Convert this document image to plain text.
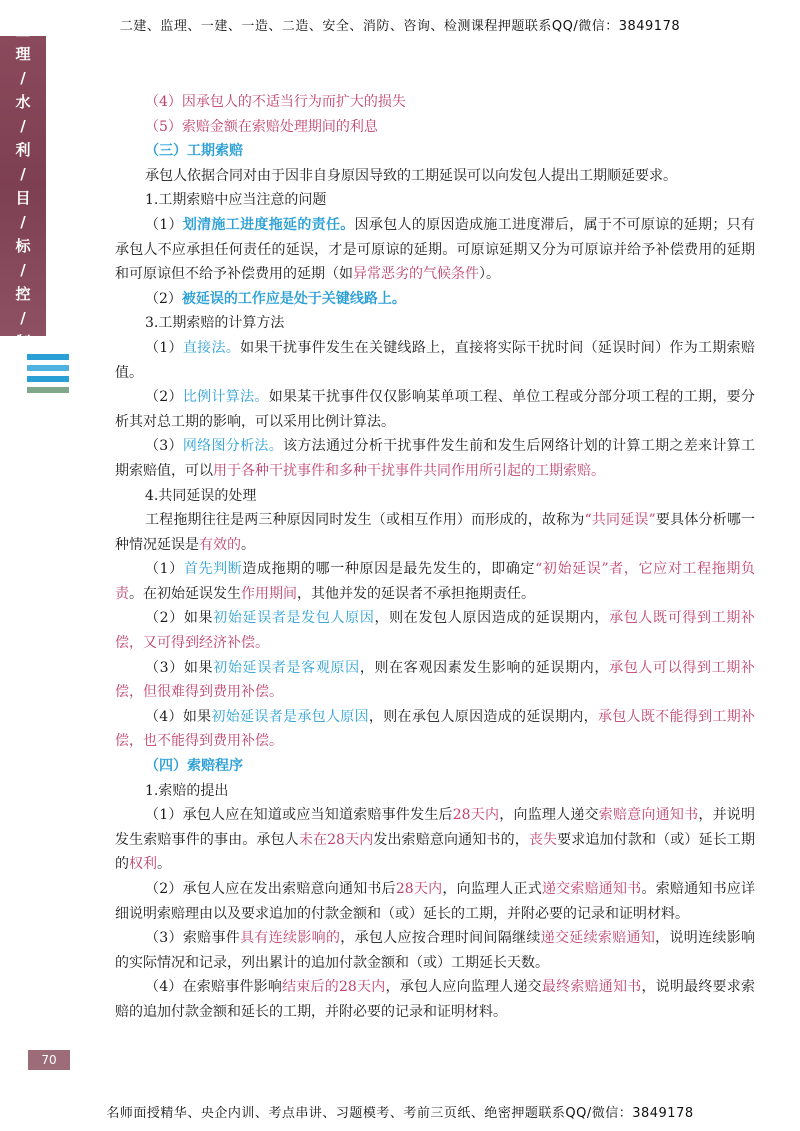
二建、监理、一建、一造、二造、安全、消防、咨询、检测课程押题联系QQ/微信：3849178
监
理
/
水
/
利
/
目
/
标
/
控
/
制
（4）因承包人的不适当行为而扩大的损失
（5）索赔金额在索赔处理期间的利息
（三）工期索赔
承包人依据合同对由于因非自身原因导致的工期延误可以向发包人提出工期顺延要求。
1.工期索赔中应当注意的问题
（1）划清施工进度拖延的责任。因承包人的原因造成施工进度滞后，属于不可原谅的延期；只有承包人不应承担任何责任的延误，才是可原谅的延期。可原谅延期又分为可原谅并给予补偿费用的延期和可原谅但不给予补偿费用的延期（如异常恶劣的气候条件）。
（2）被延误的工作应是处于关键线路上。
3.工期索赔的计算方法
（1）直接法。如果干扰事件发生在关键线路上，直接将实际干扰时间（延误时间）作为工期索赔值。
（2）比例计算法。如果某干扰事件仅仅影响某单项工程、单位工程或分部分项工程的工期，要分析其对总工期的影响，可以采用比例计算法。
（3）网络图分析法。该方法通过分析干扰事件发生前和发生后网络计划的计算工期之差来计算工期索赔值，可以用于各种干扰事件和多种干扰事件共同作用所引起的工期索赔。
4.共同延误的处理
工程拖期往往是两三种原因同时发生（或相互作用）而形成的，故称为“共同延误”要具体分析哪一种情况延误是有效的。
（1）首先判断造成拖期的哪一种原因是最先发生的，即确定“初始延误”者，它应对工程拖期负责。在初始延误发生作用期间，其他并发的延误者不承担拖期责任。
（2）如果初始延误者是发包人原因，则在发包人原因造成的延误期内，承包人既可得到工期补偿，又可得到经济补偿。
（3）如果初始延误者是客观原因，则在客观因素发生影响的延误期内，承包人可以得到工期补偿，但很难得到费用补偿。
（4）如果初始延误者是承包人原因，则在承包人原因造成的延误期内，承包人既不能得到工期补偿，也不能得到费用补偿。
（四）索赔程序
1.索赔的提出
（1）承包人应在知道或应当知道索赔事件发生后28天内，向监理人递交索赔意向通知书，并说明发生索赔事件的事由。承包人未在28天内发出索赔意向通知书的，丧失要求追加付款和（或）延长工期的权利。
（2）承包人应在发出索赔意向通知书后28天内，向监理人正式递交索赔通知书。索赔通知书应详细说明索赔理由以及要求追加的付款金额和（或）延长的工期，并附必要的记录和证明材料。
（3）索赔事件具有连续影响的，承包人应按合理时间间隔继续递交延续索赔通知，说明连续影响的实际情况和记录，列出累计的追加付款金额和（或）工期延长天数。
（4）在索赔事件影响结束后的28天内，承包人应向监理人递交最终索赔通知书，说明最终要求索赔的追加付款金额和延长的工期，并附必要的记录和证明材料。
70
名师面授精华、央企内训、考点串讲、习题模考、考前三页纸、绝密押题联系QQ/微信：3849178
